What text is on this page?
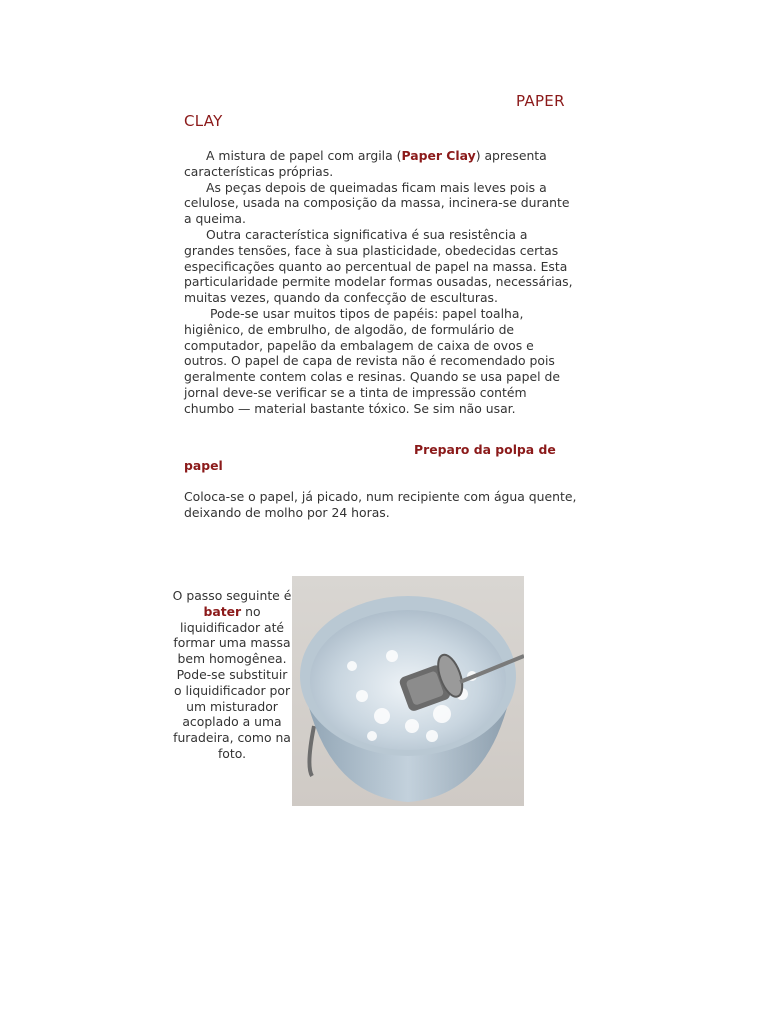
PAPER
CLAY

A mistura de papel com argila (Paper Clay) apresenta características próprias.

As peças depois de queimadas ficam mais leves pois a celulose, usada na composição da massa, incinera-se durante a queima.

Outra característica significativa é sua resistência a grandes tensões, face à sua plasticidade, obedecidas certas especificações quanto ao percentual de papel na massa. Esta particularidade permite modelar formas ousadas, necessárias, muitas vezes, quando da confecção de esculturas.

Pode-se usar muitos tipos de papéis: papel toalha, higiênico, de embrulho, de algodão, de formulário de computador, papelão da embalagem de caixa de ovos e outros. O papel de capa de revista não é recomendado pois geralmente contem colas e resinas. Quando se usa papel de jornal deve-se verificar se a tinta de impressão contém chumbo — material bastante tóxico. Se sim não usar.

Preparo da polpa de
papel
Coloca-se o papel, já picado, num recipiente com água quente, deixando de molho por 24 horas.
O passo seguinte é bater no liquidificador até formar uma massa bem homogênea. Pode-se substituir o liquidificador por um misturador acoplado a uma furadeira, como na foto.
